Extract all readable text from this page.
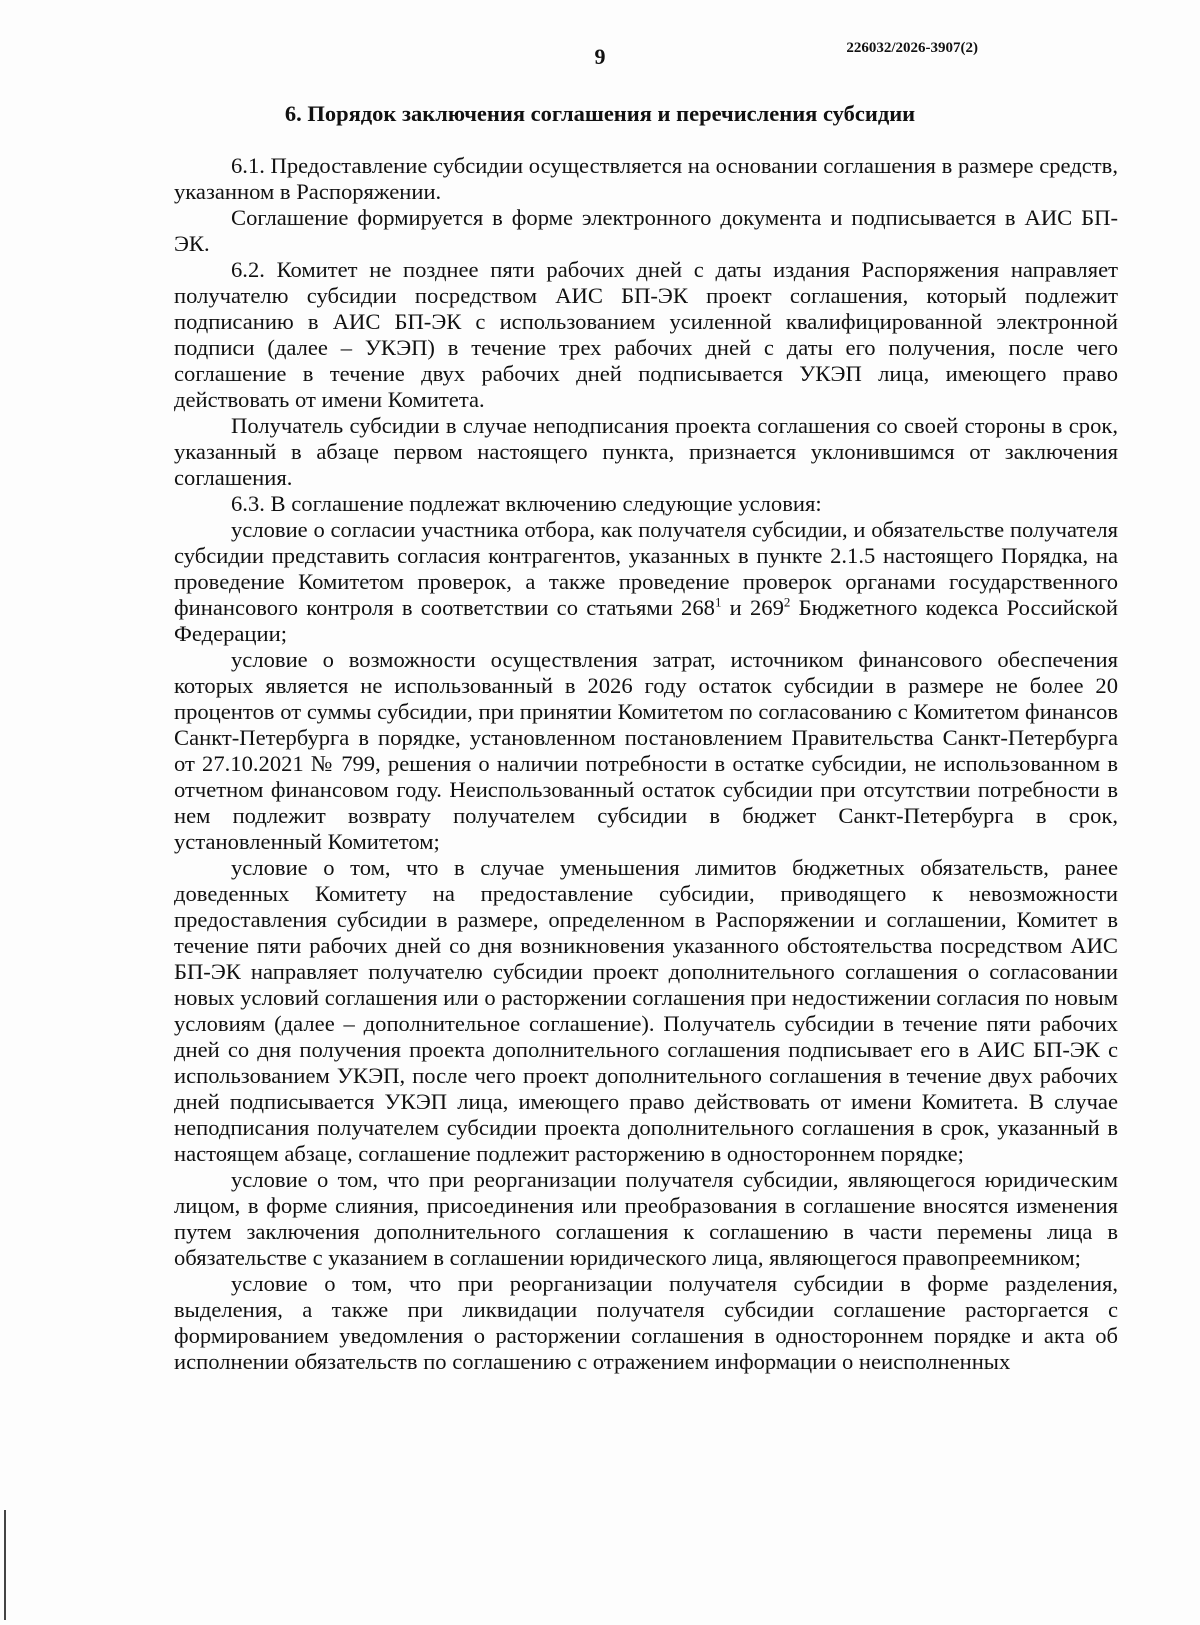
9	226032/2026-3907(2)
6. Порядок заключения соглашения и перечисления субсидии

6.1. Предоставление субсидии осуществляется на основании соглашения в размере средств, указанном в Распоряжении.

Соглашение формируется в форме электронного документа и подписывается в АИС БП-ЭК.

6.2. Комитет не позднее пяти рабочих дней с даты издания Распоряжения направляет получателю субсидии посредством АИС БП-ЭК проект соглашения, который подлежит подписанию в АИС БП-ЭК с использованием усиленной квалифицированной электронной подписи (далее – УКЭП) в течение трех рабочих дней с даты его получения, после чего соглашение в течение двух рабочих дней подписывается УКЭП лица, имеющего право действовать от имени Комитета.

Получатель субсидии в случае неподписания проекта соглашения со своей стороны в срок, указанный в абзаце первом настоящего пункта, признается уклонившимся от заключения соглашения.

6.3. В соглашение подлежат включению следующие условия:

условие о согласии участника отбора, как получателя субсидии, и обязательстве получателя субсидии представить согласия контрагентов, указанных в пункте 2.1.5 настоящего Порядка, на проведение Комитетом проверок, а также проведение проверок органами государственного финансового контроля в соответствии со статьями $268^1$ и $269^2$ Бюджетного кодекса Российской Федерации;

условие о возможности осуществления затрат, источником финансового обеспечения которых является не использованный в 2026 году остаток субсидии в размере не более 20 процентов от суммы субсидии, при принятии Комитетом по согласованию с Комитетом финансов Санкт-Петербурга в порядке, установленном постановлением Правительства Санкт-Петербурга от 27.10.2021 № 799, решения о наличии потребности в остатке субсидии, не использованном в отчетном финансовом году. Неиспользованный остаток субсидии при отсутствии потребности в нем подлежит возврату получателем субсидии в бюджет Санкт-Петербурга в срок, установленный Комитетом;

условие о том, что в случае уменьшения лимитов бюджетных обязательств, ранее доведенных Комитету на предоставление субсидии, приводящего к невозможности предоставления субсидии в размере, определенном в Распоряжении и соглашении, Комитет в течение пяти рабочих дней со дня возникновения указанного обстоятельства посредством АИС БП-ЭК направляет получателю субсидии проект дополнительного соглашения о согласовании новых условий соглашения или о расторжении соглашения при недостижении согласия по новым условиям (далее – дополнительное соглашение). Получатель субсидии в течение пяти рабочих дней со дня получения проекта дополнительного соглашения подписывает его в АИС БП-ЭК с использованием УКЭП, после чего проект дополнительного соглашения в течение двух рабочих дней подписывается УКЭП лица, имеющего право действовать от имени Комитета. В случае неподписания получателем субсидии проекта дополнительного соглашения в срок, указанный в настоящем абзаце, соглашение подлежит расторжению в одностороннем порядке;

условие о том, что при реорганизации получателя субсидии, являющегося юридическим лицом, в форме слияния, присоединения или преобразования в соглашение вносятся изменения путем заключения дополнительного соглашения к соглашению в части перемены лица в обязательстве с указанием в соглашении юридического лица, являющегося правопреемником;

условие о том, что при реорганизации получателя субсидии в форме разделения, выделения, а также при ликвидации получателя субсидии соглашение расторгается с формированием уведомления о расторжении соглашения в одностороннем порядке и акта об исполнении обязательств по соглашению с отражением информации о неисполненных
